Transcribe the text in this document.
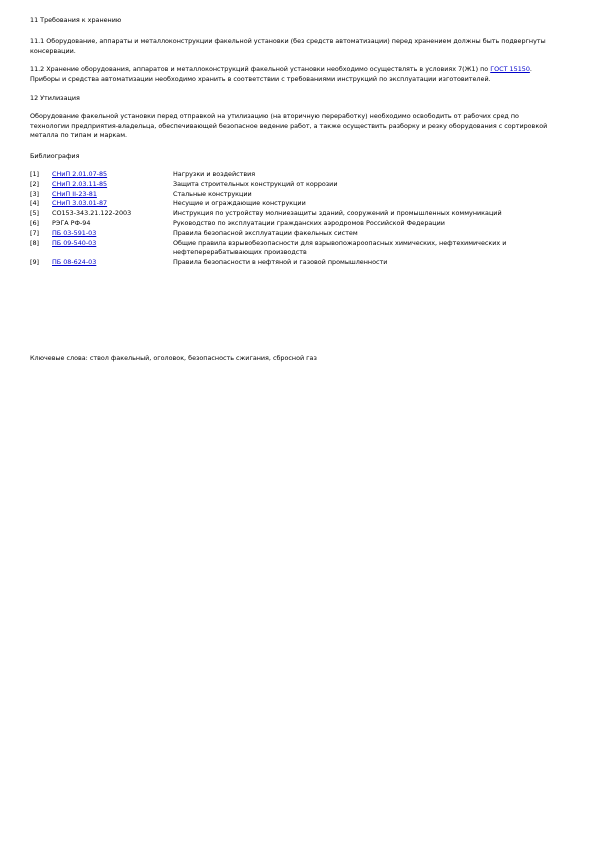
11 Требования к хранению

11.1 Оборудование, аппараты и металлоконструкции факельной установки (без средств автоматизации) перед хранением должны быть подвергнуты консервации.

11.2 Хранение оборудования, аппаратов и металлоконструкций факельной установки необходимо осуществлять в условиях 7(Ж1) по ГОСТ 15150. Приборы и средства автоматизации необходимо хранить в соответствии с требованиями инструкций по эксплуатации изготовителей.

12 Утилизация

Оборудование факельной установки перед отправкой на утилизацию (на вторичную переработку) необходимо освободить от рабочих сред по технологии предприятия-владельца, обеспечивающей безопасное ведение работ, а также осуществить разборку и резку оборудования с сортировкой металла по типам и маркам.

Библиография

[1]	СНиП 2.01.07-85	Нагрузки и воздействия
[2]	СНиП 2.03.11-85	Защита строительных конструкций от коррозии
[3]	СНиП II-23-81	Стальные конструкции
[4]	СНиП 3.03.01-87	Несущие и ограждающие конструкции
[5]	СО153-343.21.122-2003	Инструкция по устройству молниезащиты зданий, сооружений и промышленных коммуникаций
[6]	РЭГА РФ-94	Руководство по эксплуатации гражданских аэродромов Российской Федерации
[7]	ПБ 03-591-03	Правила безопасной эксплуатации факельных систем
[8]	ПБ 09-540-03	Общие правила взрывобезопасности для взрывопожароопасных химических, нефтехимических и нефтеперерабатывающих производств
[9]	ПБ 08-624-03	Правила безопасности в нефтяной и газовой промышленности

Ключевые слова: ствол факельный, оголовок, безопасность сжигания, сбросной газ
